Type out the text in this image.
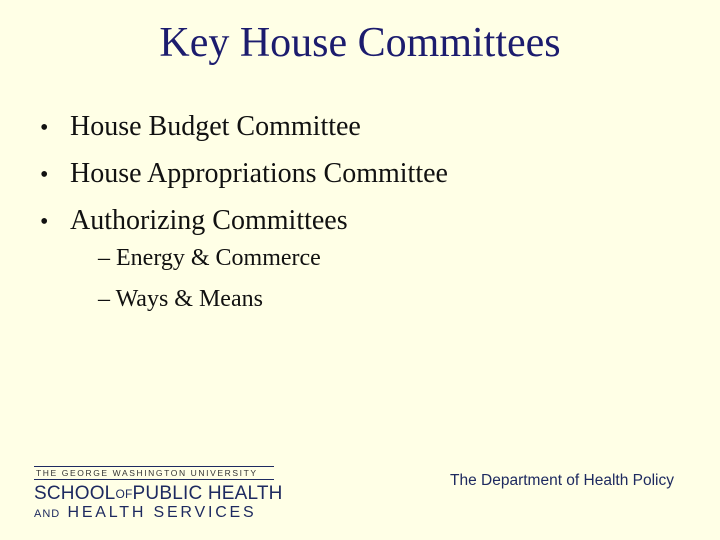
Key House Committees
• House Budget Committee
• House Appropriations Committee
• Authorizing Committees
– Energy & Commerce
– Ways & Means
THE GEORGE WASHINGTON UNIVERSITY
$SCHOOL^{OF}PUBLIC$ HEALTH
AND HEALTH SERVICES
The Department of Health Policy
